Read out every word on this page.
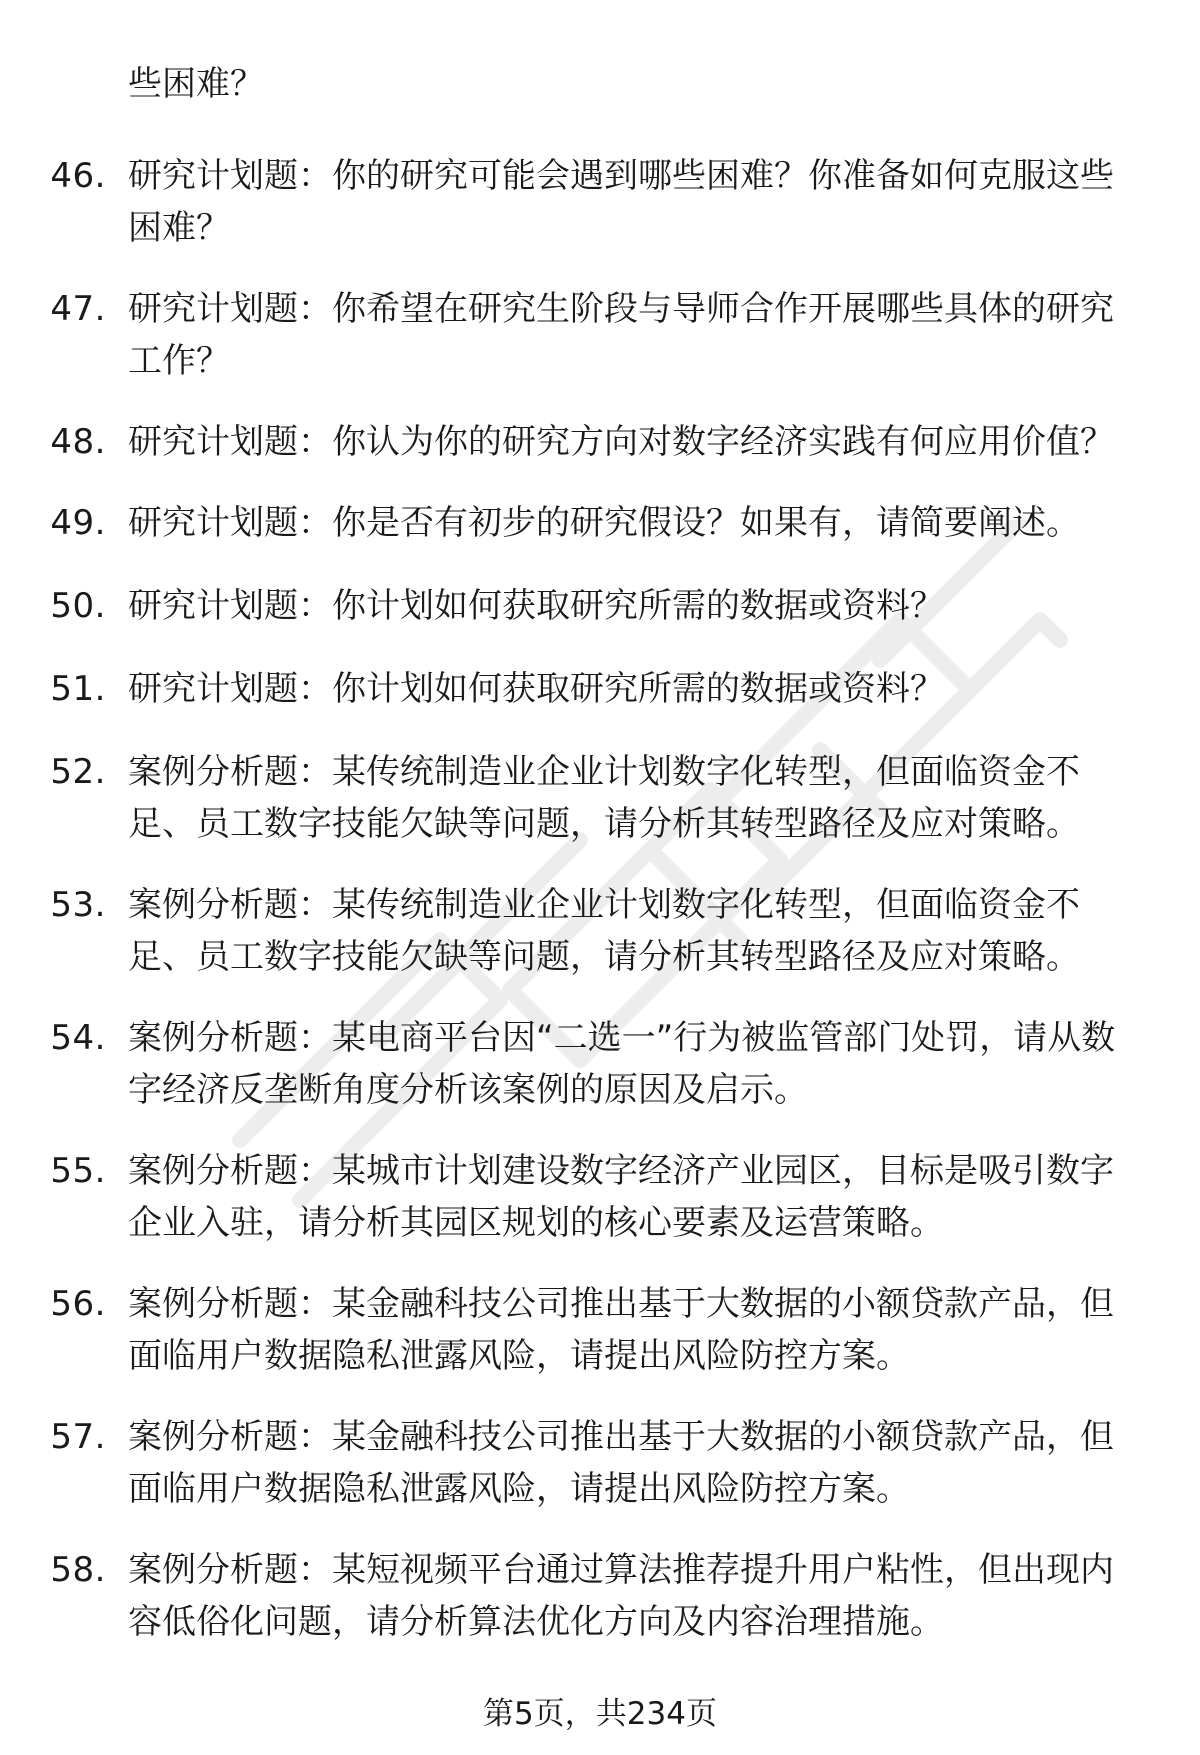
些困难？
46. 研究计划题：你的研究可能会遇到哪些困难？你准备如何克服这些困难？
47. 研究计划题：你希望在研究生阶段与导师合作开展哪些具体的研究工作？
48. 研究计划题：你认为你的研究方向对数字经济实践有何应用价值？
49. 研究计划题：你是否有初步的研究假设？如果有，请简要阐述。
50. 研究计划题：你计划如何获取研究所需的数据或资料？
51. 研究计划题：你计划如何获取研究所需的数据或资料？
52. 案例分析题：某传统制造业企业计划数字化转型，但面临资金不足、员工数字技能欠缺等问题，请分析其转型路径及应对策略。
53. 案例分析题：某传统制造业企业计划数字化转型，但面临资金不足、员工数字技能欠缺等问题，请分析其转型路径及应对策略。
54. 案例分析题：某电商平台因“二选一”行为被监管部门处罚，请从数字经济反垄断角度分析该案例的原因及启示。
55. 案例分析题：某城市计划建设数字经济产业园区，目标是吸引数字企业入驻，请分析其园区规划的核心要素及运营策略。
56. 案例分析题：某金融科技公司推出基于大数据的小额贷款产品，但面临用户数据隐私泄露风险，请提出风险防控方案。
57. 案例分析题：某金融科技公司推出基于大数据的小额贷款产品，但面临用户数据隐私泄露风险，请提出风险防控方案。
58. 案例分析题：某短视频平台通过算法推荐提升用户粘性，但出现内容低俗化问题，请分析算法优化方向及内容治理措施。
第5页，共234页
